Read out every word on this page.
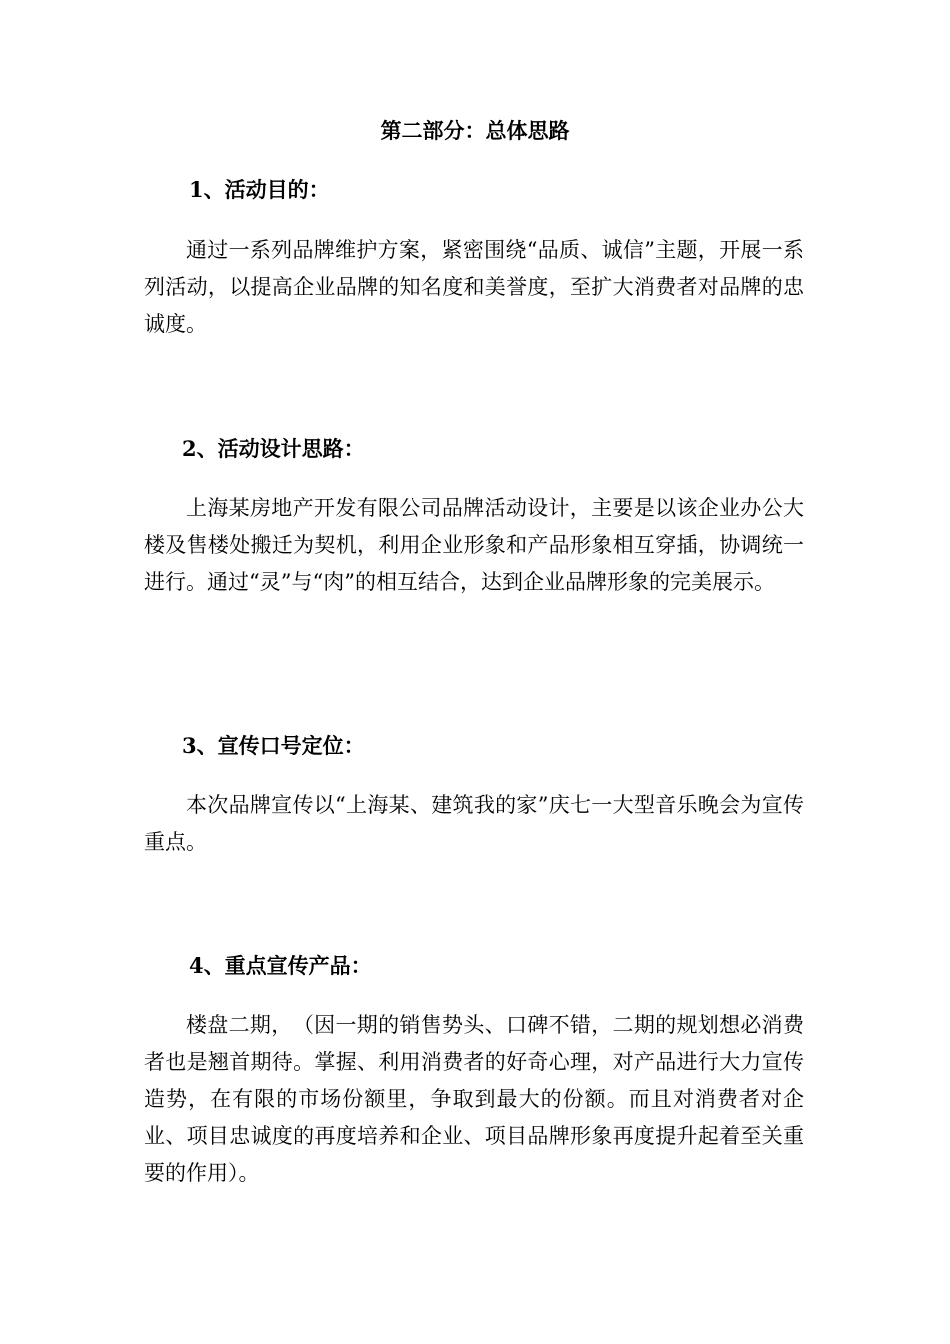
第二部分：总体思路
1、活动目的：
通过一系列品牌维护方案，紧密围绕“品质、诚信”主题，开展一系列活动，以提高企业品牌的知名度和美誉度，至扩大消费者对品牌的忠诚度。
2、活动设计思路：
上海某房地产开发有限公司品牌活动设计，主要是以该企业办公大楼及售楼处搬迁为契机，利用企业形象和产品形象相互穿插，协调统一进行。通过“灵”与“肉”的相互结合，达到企业品牌形象的完美展示。
3、宣传口号定位：
本次品牌宣传以“上海某、建筑我的家”庆七一大型音乐晚会为宣传重点。
4、重点宣传产品：
楼盘二期，　（因一期的销售势头、口碑不错，二期的规划想必消费者也是翘首期待。掌握、利用消费者的好奇心理，对产品进行大力宣传造势，在有限的市场份额里，争取到最大的份额。而且对消费者对企业、项目忠诚度的再度培养和企业、项目品牌形象再度提升起着至关重要的作用）。
